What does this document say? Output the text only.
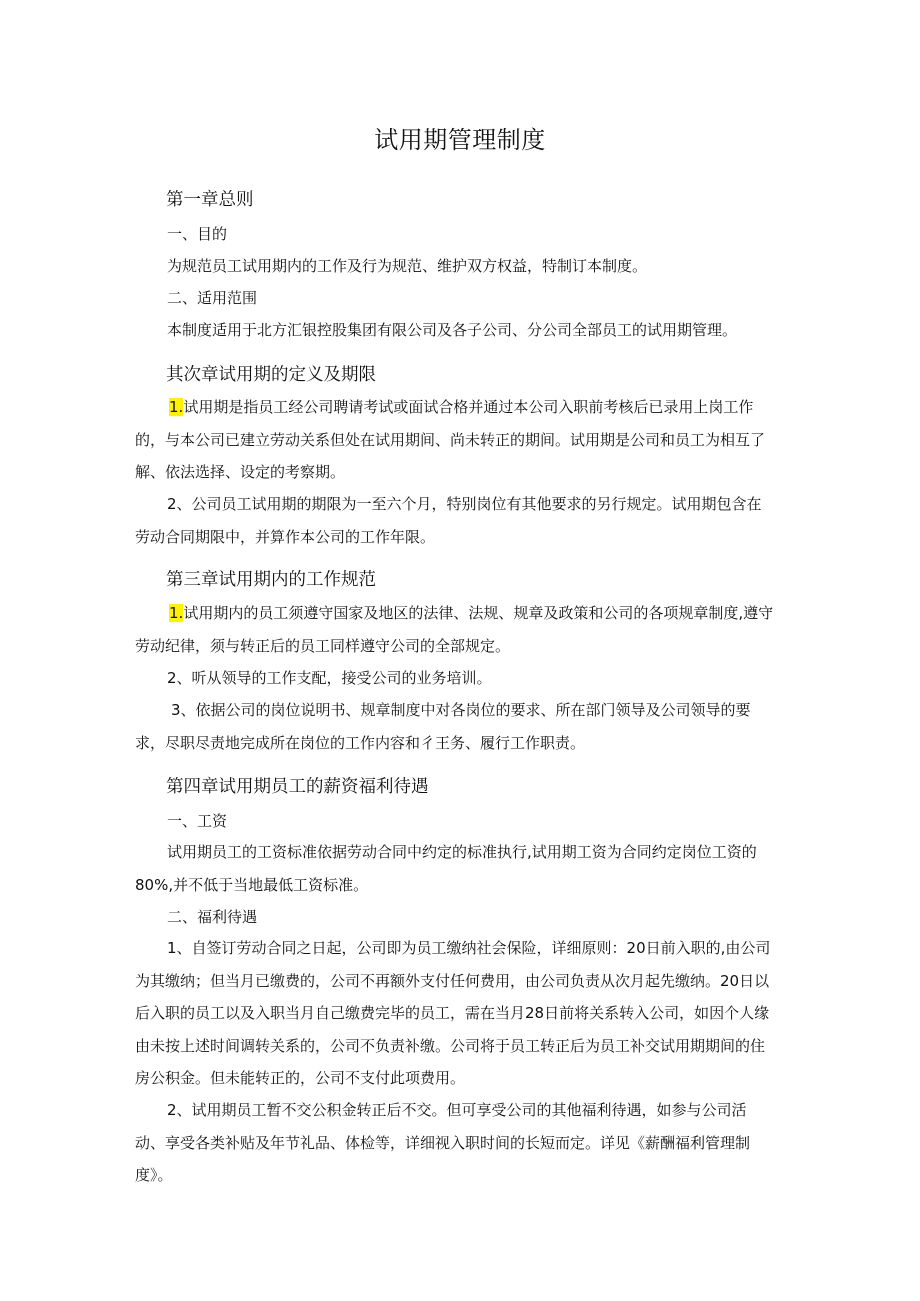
试用期管理制度
第一章总则
一、目的
为规范员工试用期内的工作及行为规范、维护双方权益，特制订本制度。
二、适用范围
本制度适用于北方汇银控股集团有限公司及各子公司、分公司全部员工的试用期管理。
其次章试用期的定义及期限

1.试用期是指员工经公司聘请考试或面试合格并通过本公司入职前考核后已录用上岗工作的，与本公司已建立劳动关系但处在试用期间、尚未转正的期间。试用期是公司和员工为相互了解、依法选择、设定的考察期。

2、公司员工试用期的期限为一至六个月，特别岗位有其他要求的另行规定。试用期包含在劳动合同期限中，并算作本公司的工作年限。

第三章试用期内的工作规范

1.试用期内的员工须遵守国家及地区的法律、法规、规章及政策和公司的各项规章制度,遵守劳动纪律，须与转正后的员工同样遵守公司的全部规定。

2、听从领导的工作支配，接受公司的业务培训。

3、依据公司的岗位说明书、规章制度中对各岗位的要求、所在部门领导及公司领导的要求，尽职尽责地完成所在岗位的工作内容和彳王务、履行工作职责。

第四章试用期员工的薪资福利待遇
一、工资

试用期员工的工资标准依据劳动合同中约定的标准执行,试用期工资为合同约定岗位工资的80%,并不低于当地最低工资标准。

二、福利待遇

1、自签订劳动合同之日起，公司即为员工缴纳社会保险，详细原则：20日前入职的,由公司为其缴纳；但当月已缴费的，公司不再额外支付任何费用，由公司负责从次月起先缴纳。20日以后入职的员工以及入职当月自己缴费完毕的员工，需在当月28日前将关系转入公司，如因个人缘由未按上述时间调转关系的，公司不负责补缴。公司将于员工转正后为员工补交试用期期间的住房公积金。但未能转正的，公司不支付此项费用。

2、试用期员工暂不交公积金转正后不交。但可享受公司的其他福利待遇，如参与公司活动、享受各类补贴及年节礼品、体检等，详细视入职时间的长短而定。详见《薪酬福利管理制度》。
